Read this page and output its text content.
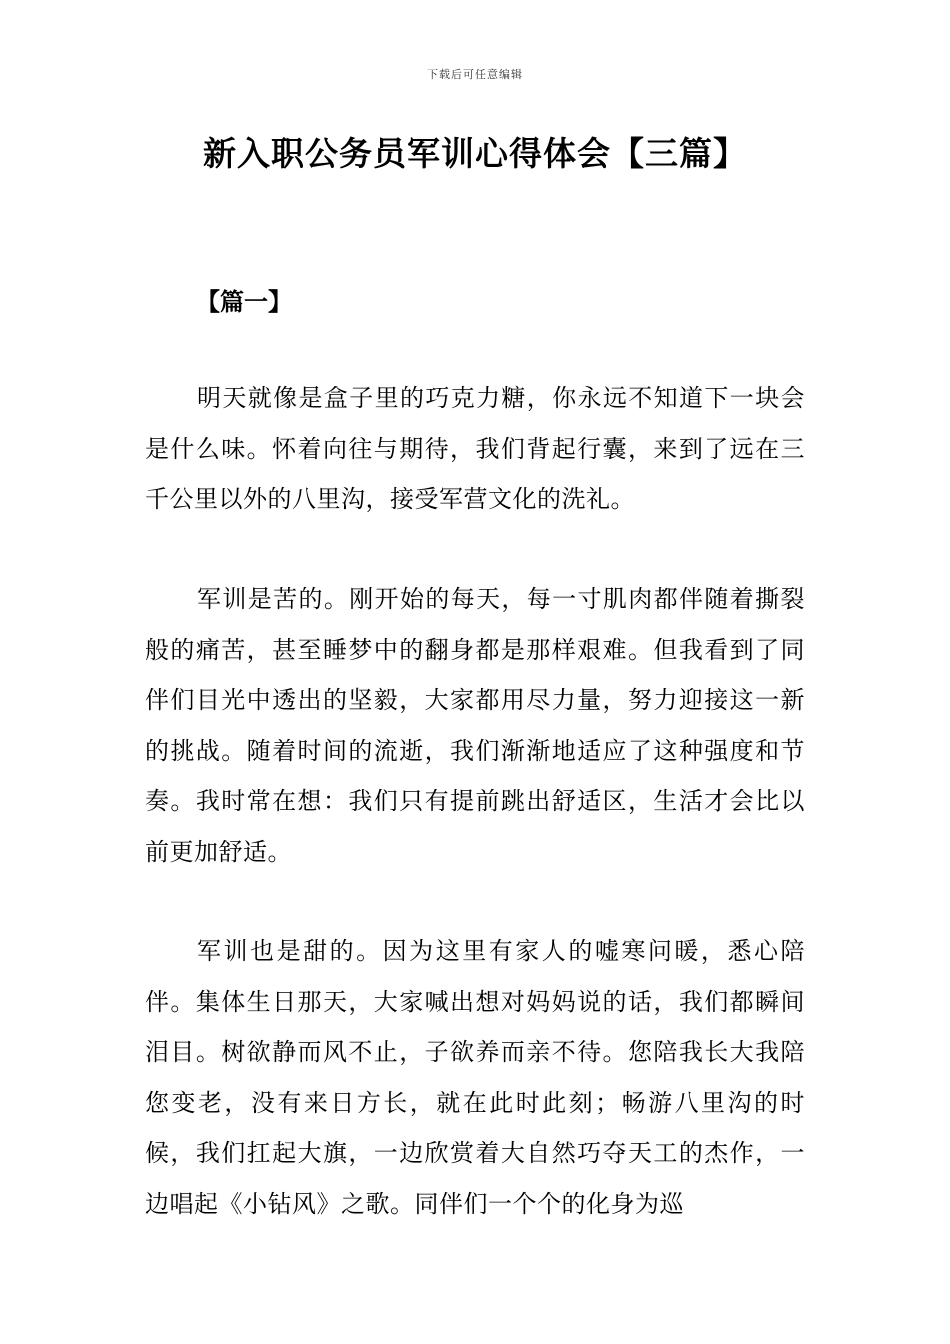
下载后可任意编辑
新入职公务员军训心得体会【三篇】
【篇一】

明天就像是盒子里的巧克力糖，你永远不知道下一块会是什么味。怀着向往与期待，我们背起行囊，来到了远在三千公里以外的八里沟，接受军营文化的洗礼。

军训是苦的。刚开始的每天，每一寸肌肉都伴随着撕裂般的痛苦，甚至睡梦中的翻身都是那样艰难。但我看到了同伴们目光中透出的坚毅，大家都用尽力量，努力迎接这一新的挑战。随着时间的流逝，我们渐渐地适应了这种强度和节奏。我时常在想：我们只有提前跳出舒适区，生活才会比以前更加舒适。

军训也是甜的。因为这里有家人的嘘寒问暖，悉心陪伴。集体生日那天，大家喊出想对妈妈说的话，我们都瞬间泪目。树欲静而风不止，子欲养而亲不待。您陪我长大我陪您变老，没有来日方长，就在此时此刻；畅游八里沟的时候，我们扛起大旗，一边欣赏着大自然巧夺天工的杰作，一边唱起《小钻风》之歌。同伴们一个个的化身为巡
